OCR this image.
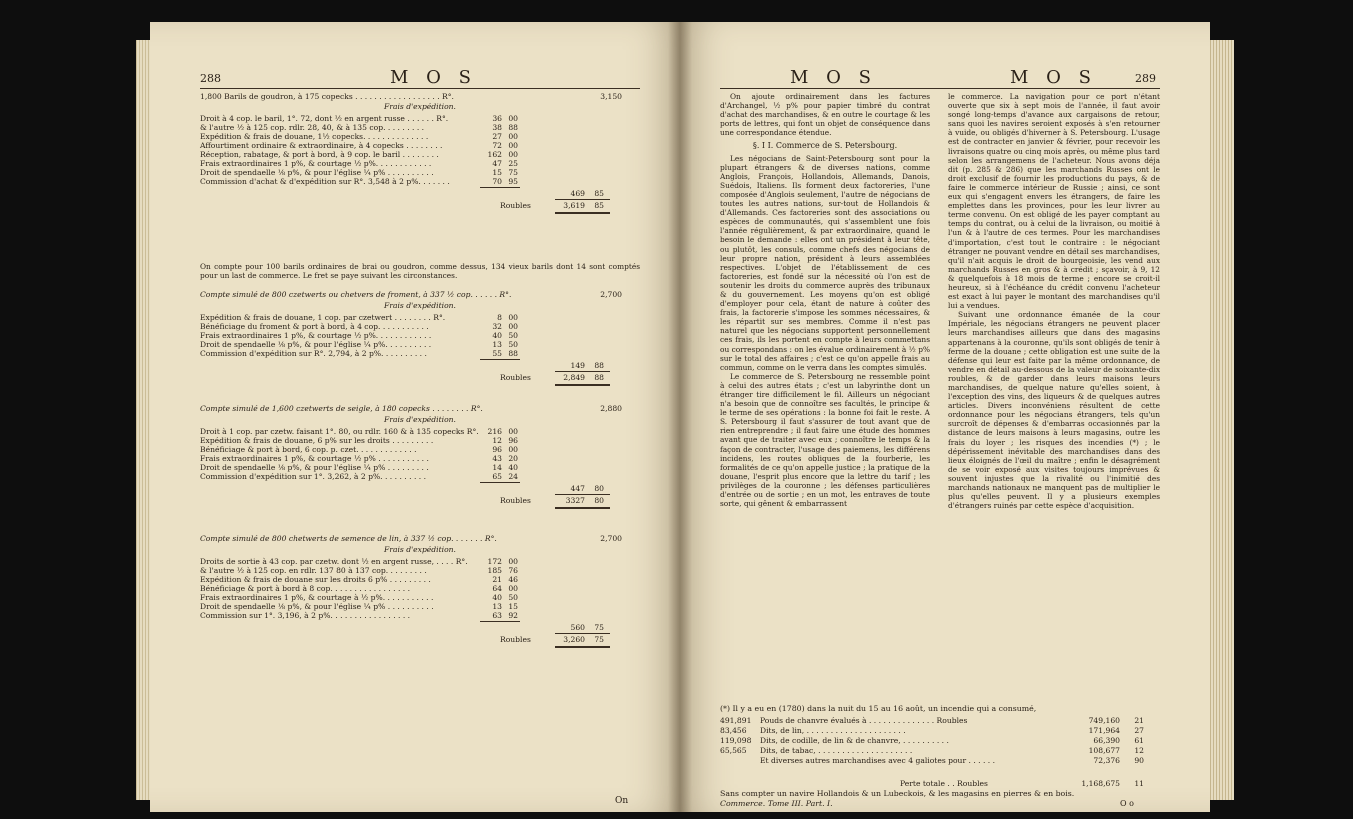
288	M O S
1,800 Barils de goudron, à 175 copecks . . . . . . . . . . . . . . . . . . R°.	3,150
Frais d'expédition.
Droit à 4 cop. le baril, 1°. 72, dont ½ en argent russe . . . . . . R°.	36 00
& l'autre ½ à 125 cop. rdlr. 28, 40, & à 135 cop. . . . . . . . .	38 88
Expédition & frais de douane, 1½ copecks. . . . . . . . . . . . . .	27 00
Affourtiment ordinaire & extraordinaire, à 4 copecks . . . . . . . .	72 00
Réception, rabatage, & port à bord, à 9 cop. le baril . . . . . . . .	162 00
Frais extraordinaires 1 p%, & courtage ½ p%. . . . . . . . . . . .	47 25
Droit de spendaelle ⅛ p%, & pour l'église ¼ p% . . . . . . . . . .	15 75
Commission d'achat & d'expédition sur R°. 3,548 à 2 p%. . . . . . .	70 95
469	85
Roubles	3,619	85
On compte pour 100 barils ordinaires de brai ou goudron, comme dessus, 134 vieux barils dont 14 sont comptés pour un last de commerce. Le fret se paye suivant les circonstances.
Compte simulé de 800 czetwerts ou chetvers de froment, à 337 ½ cop. . . . . . R°.	2,700
Frais d'expédition.
Expédition & frais de douane, 1 cop. par czetwert . . . . . . . . R°.	8 00
Bénéficiage du froment & port à bord, à 4 cop. . . . . . . . . . .	32 00
Frais extraordinaires 1 p%, & courtage ½ p%. . . . . . . . . . . .	40 50
Droit de spendaelle ⅛ p%, & pour l'église ¼ p%. . . . . . . . . .	13 50
Commission d'expédition sur R°. 2,794, à 2 p%. . . . . . . . . .	55 88
149	88
Roubles	2,849	88
Compte simulé de 1,600 czetwerts de seigle, à 180 copecks . . . . . . . . R°.	2,880
Frais d'expédition.
Droit à 1 cop. par czetw. faisant 1°. 80, ou rdlr. 160 & à 135 copecks R°.	216 00
Expédition & frais de douane, 6 p% sur les droits . . . . . . . . .	12 96
Bénéficiage & port à bord, 6 cop. p. czet. . . . . . . . . . . . .	96 00
Frais extraordinaires 1 p%, & courtage ½ p% . . . . . . . . . . .	43 20
Droit de spendaelle ⅛ p%, & pour l'église ¼ p% . . . . . . . . .	14 40
Commission d'expédition sur 1°. 3,262, à 2 p%. . . . . . . . . .	65 24
447	80
Roubles	3327	80
Compte simulé de 800 chetwerts de semence de lin, à 337 ½ cop. . . . . . . R°.	2,700
Frais d'expédition.
Droits de sortie à 43 cop. par czetw. dont ½ en argent russe, . . . . R°.	172 00
& l'autre ½ à 125 cop. en rdlr. 137 80 à 137 cop. . . . . . . . .	185 76
Expédition & frais de douane sur les droits 6 p% . . . . . . . . .	21 46
Bénéficiage & port à bord à 8 cop. . . . . . . . . . . . . . . . .	64 00
Frais extraordinaires 1 p%, & courtage à ½ p%. . . . . . . . . . .	40 50
Droit de spendaelle ⅛ p%, & pour l'église ¼ p% . . . . . . . . . .	13 15
Commission sur 1°. 3,196, à 2 p%. . . . . . . . . . . . . . . . .	63 92
560	75
Roubles	3,260	75
On
M O S	M O S	289

On ajoute ordinairement dans les factures d'Archangel, ½ p% pour papier timbré du contrat d'achat des marchandises, & en outre le courtage & les ports de lettres, qui font un objet de conséquence dans une correspondance étendue.

§. I I. Commerce de S. Petersbourg.

Les négocians de Saint-Petersbourg sont pour la plupart étrangers & de diverses nations, comme Anglois, François, Hollandois, Allemands, Danois, Suédois, Italiens. Ils forment deux factoreries, l'une composée d'Anglois seulement, l'autre de négocians de toutes les autres nations, sur-tout de Hollandois & d'Allemands. Ces factoreries sont des associations ou espèces de communautés, qui s'assemblent une fois l'année régulièrement, & par extraordinaire, quand le besoin le demande : elles ont un président à leur tête, ou plutôt, les consuls, comme chefs des négocians de leur propre nation, président à leurs assemblées respectives. L'objet de l'établissement de ces factoreries, est fondé sur la nécessité où l'on est de soutenir les droits du commerce auprès des tribunaux & du gouvernement. Les moyens qu'on est obligé d'employer pour cela, étant de nature à coûter des frais, la factorerie s'impose les sommes nécessaires, & les répartit sur ses membres. Comme il n'est pas naturel que les négocians supportent personnellement ces frais, ils les portent en compte à leurs commettans ou correspondans : on les évalue ordinairement à ½ p% sur le total des affaires ; c'est ce qu'on appelle frais au commun, comme on le verra dans les comptes simulés.

Le commerce de S. Petersbourg ne ressemble point à celui des autres états ; c'est un labyrinthe dont un étranger tire difficilement le fil. Ailleurs un négociant n'a besoin que de connoître ses facultés, le principe & le terme de ses opérations : la bonne foi fait le reste. A S. Petersbourg il faut s'assurer de tout avant que de rien entreprendre ; il faut faire une étude des hommes avant que de traiter avec eux ; connoître le temps & la façon de contracter, l'usage des paiemens, les différens incidens, les routes obliques de la fourberie, les formalités de ce qu'on appelle justice ; la pratique de la douane, l'esprit plus encore que la lettre du tarif ; les privilèges de la couronne ; les défenses particulières d'entrée ou de sortie ; en un mot, les entraves de toute sorte, qui gênent & embarrassent

le commerce. La navigation pour ce port n'étant ouverte que six à sept mois de l'année, il faut avoir songé long-temps d'avance aux cargaisons de retour, sans quoi les navires seroient exposés à s'en retourner à vuide, ou obligés d'hiverner à S. Petersbourg. L'usage est de contracter en janvier & février, pour recevoir les livraisons quatre ou cinq mois après, ou même plus tard selon les arrangemens de l'acheteur. Nous avons déja dit (p. 285 & 286) que les marchands Russes ont le droit exclusif de fournir les productions du pays, & de faire le commerce intérieur de Russie ; ainsi, ce sont eux qui s'engagent envers les étrangers, de faire les emplettes dans les provinces, pour les leur livrer au terme convenu. On est obligé de les payer comptant au temps du contrat, ou à celui de la livraison, ou moitié à l'un & à l'autre de ces termes. Pour les marchandises d'importation, c'est tout le contraire : le négociant étranger ne pouvant vendre en détail ses marchandises, qu'il n'ait acquis le droit de bourgeoisie, les vend aux marchands Russes en gros & à crédit ; sçavoir, à 9, 12 & quelquefois à 18 mois de terme ; encore se croit-il heureux, si à l'échéance du crédit convenu l'acheteur est exact à lui payer le montant des marchandises qu'il lui a vendues.

Suivant une ordonnance émanée de la cour Impériale, les négocians étrangers ne peuvent placer leurs marchandises ailleurs que dans des magasins appartenans à la couronne, qu'ils sont obligés de tenir à ferme de la douane ; cette obligation est une suite de la défense qui leur est faite par la même ordonnance, de vendre en détail au-dessous de la valeur de soixante-dix roubles, & de garder dans leurs maisons leurs marchandises, de quelque nature qu'elles soient, à l'exception des vins, des liqueurs & de quelques autres articles. Divers inconvéniens résultent de cette ordonnance pour les négocians étrangers, tels qu'un surcroît de dépenses & d'embarras occasionnés par la distance de leurs maisons à leurs magasins, outre les frais du loyer ; les risques des incendies (*) ; le dépérissement inévitable des marchandises dans des lieux éloignés de l'œil du maître ; enfin le désagrément de se voir exposé aux visites toujours imprévues & souvent injustes que la rivalité ou l'inimitié des marchands nationaux ne manquent pas de multiplier le plus qu'elles peuvent. Il y a plusieurs exemples d'étrangers ruinés par cette espèce d'acquisition.

(*) Il y a eu en (1780) dans la nuit du 15 au 16 août, un incendie qui a consumé,
491,891 Pouds de chanvre évalués à . . . . . . . . . . . . . . Roubles	749,160	21
83,456 Dits, de lin, . . . . . . . . . . . . . . . . . . . . .	171,964	27
119,098 Dits, de codille, de lin & de chanvre, . . . . . . . . . .	66,390	61
65,565 Dits, de tabac, . . . . . . . . . . . . . . . . . . . .	108,677	12
Et diverses autres marchandises avec 4 galiotes pour . . . . . .	72,376	90
Perte totale . . Roubles	1,168,675	11
Sans compter un navire Hollandois & un Lubeckois, & les magasins en pierres & en bois.
Commerce. Tome III. Part. I.	O o
